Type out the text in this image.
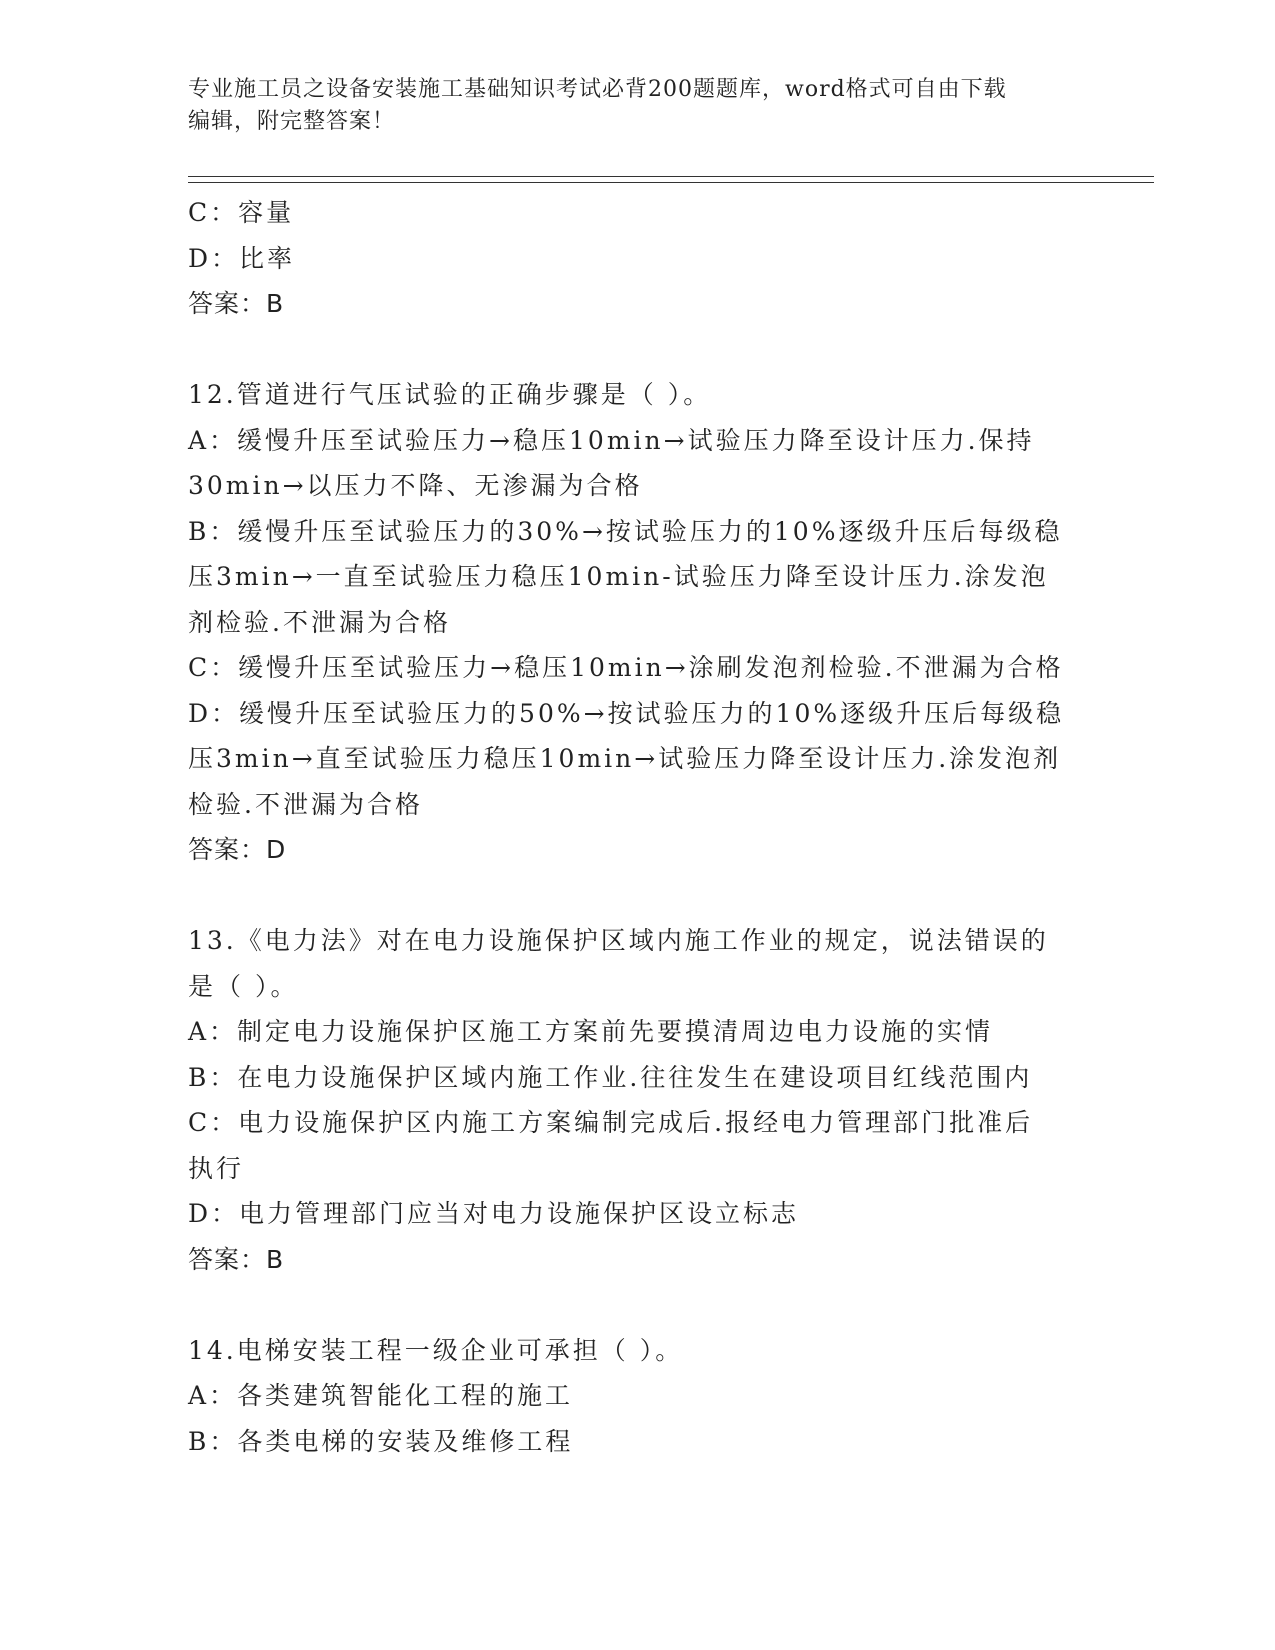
专业施工员之设备安装施工基础知识考试必背200题题库，word格式可自由下载
编辑，附完整答案！
C：容量
D：比率
答案：B
12.管道进行气压试验的正确步骤是（ ）。
A：缓慢升压至试验压力→稳压10min→试验压力降至设计压力.保持
30min→以压力不降、无渗漏为合格
B：缓慢升压至试验压力的30%→按试验压力的10%逐级升压后每级稳
压3min→一直至试验压力稳压10min-试验压力降至设计压力.涂发泡
剂检验.不泄漏为合格
C：缓慢升压至试验压力→稳压10min→涂刷发泡剂检验.不泄漏为合格
D：缓慢升压至试验压力的50%→按试验压力的10%逐级升压后每级稳
压3min→直至试验压力稳压10min→试验压力降至设计压力.涂发泡剂
检验.不泄漏为合格
答案：D
13.《电力法》对在电力设施保护区域内施工作业的规定，说法错误的
是（ ）。
A：制定电力设施保护区施工方案前先要摸清周边电力设施的实情
B：在电力设施保护区域内施工作业.往往发生在建设项目红线范围内
C：电力设施保护区内施工方案编制完成后.报经电力管理部门批准后
执行
D：电力管理部门应当对电力设施保护区设立标志
答案：B
14.电梯安装工程一级企业可承担（ ）。
A：各类建筑智能化工程的施工
B：各类电梯的安装及维修工程
